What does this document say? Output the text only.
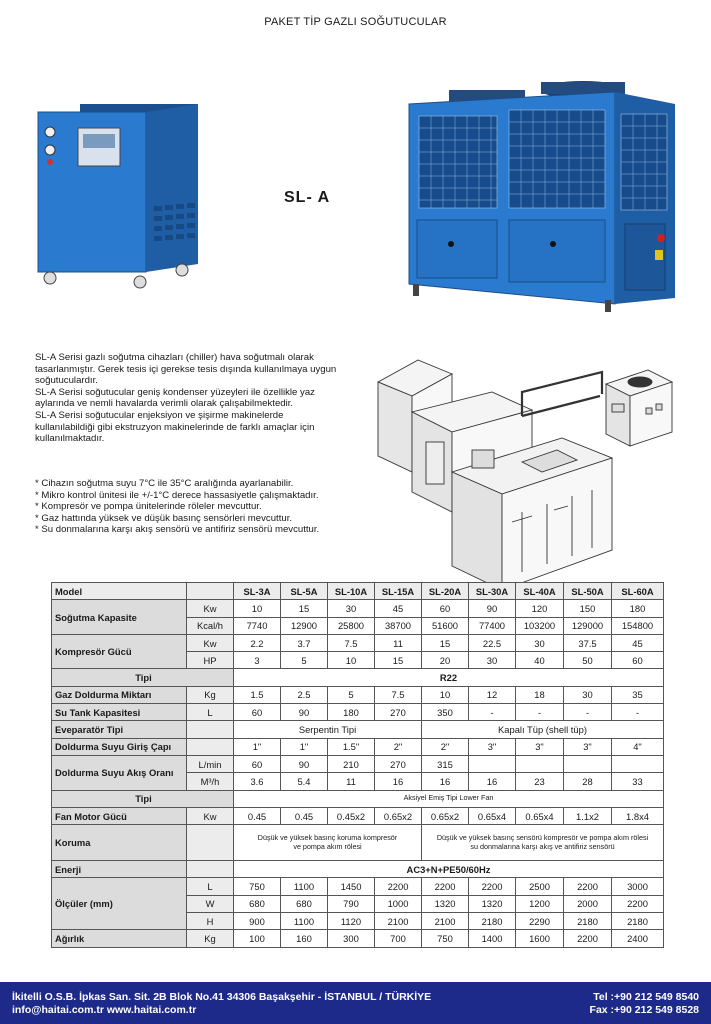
PAKET TİP GAZLI SOĞUTUCULAR
SL- A

SL-A Serisi gazlı soğutma cihazları (chiller) hava soğutmalı olarak tasarlanmıştır. Gerek tesis içi gerekse tesis dışında kullanılmaya uygun soğutuculardır.

SL-A Serisi soğutucular geniş kondenser yüzeyleri ile özellikle yaz aylarında ve nemli havalarda verimli olarak çalışabilmektedir.

SL-A Serisi soğutucular enjeksiyon ve şişirme makinelerde kullanılabildiği gibi ekstruzyon makinelerinde de farklı amaçlar için kullanılmaktadır.

* Cihazın soğutma suyu 7°C ile 35°C aralığında ayarlanabilir.
* Mikro kontrol ünitesi ile +/-1°C derece hassasiyetle çalışmaktadır.
* Kompresör ve pompa ünitelerinde röleler mevcuttur.
* Gaz hattında yüksek ve düşük basınç sensörleri mevcuttur.
* Su donmalarına karşı akış sensörü ve antifiriz sensörü mevcuttur.
Model		SL-3A	SL-5A	SL-10A	SL-15A	SL-20A	SL-30A	SL-40A	SL-50A	SL-60A
Soğutma Kapasite	Kw	10	15	30	45	60	90	120	150	180
	Kcal/h	7740	12900	25800	38700	51600	77400	103200	129000	154800
Kompresör Gücü	Kw	2.2	3.7	7.5	11	15	22.5	30	37.5	45
	HP	3	5	10	15	20	30	40	50	60
Tipi		R22								
Gaz Doldurma Miktarı	Kg	1.5	2.5	5	7.5	10	12	18	30	35
Su Tank Kapasitesi	L	60	90	180	270	350	-	-	-	-
Eveparatör Tipi		Serpentin Tipi				Kapalı Tüp (shell tüp)				
Doldurma Suyu Giriş Çapı		1"	1"	1.5"	2"	2"	3"	3"	3"	4"
Doldurma Suyu Akış Oranı	L/min	60	90	210	270	315				
	M³/h	3.6	5.4	11	16	16	16	23	28	33
Tipi		Aksiyel Emiş Tipi Lower Fan								
Fan Motor Gücü	Kw	0.45	0.45	0.45x2	0.65x2	0.65x2	0.65x4	0.65x4	1.1x2	1.8x4
Koruma		Düşük ve yüksek basınç koruma kompresör ve pompa akım rölesi				Düşük ve yüksek basınç sensörü kompresör ve pompa akım rölesi su donmalarına karşı akış ve antifiriz sensörü				
Enerji		AC3+N+PE50/60Hz								
Ölçüler (mm)	L	750	1100	1450	2200	2200	2200	2500	2200	3000
	W	680	680	790	1000	1320	1320	1200	2000	2200
	H	900	1100	1120	2100	2100	2180	2290	2180	2180
Ağırlık	Kg	100	160	300	700	750	1400	1600	2200	2400
İkitelli O.S.B. İpkas San. Sit. 2B Blok No.41 34306 Başakşehir - İSTANBUL / TÜRKİYE
info@haitai.com.tr www.haitai.com.tr
Tel :+90 212 549 8540
Fax :+90 212 549 8528
